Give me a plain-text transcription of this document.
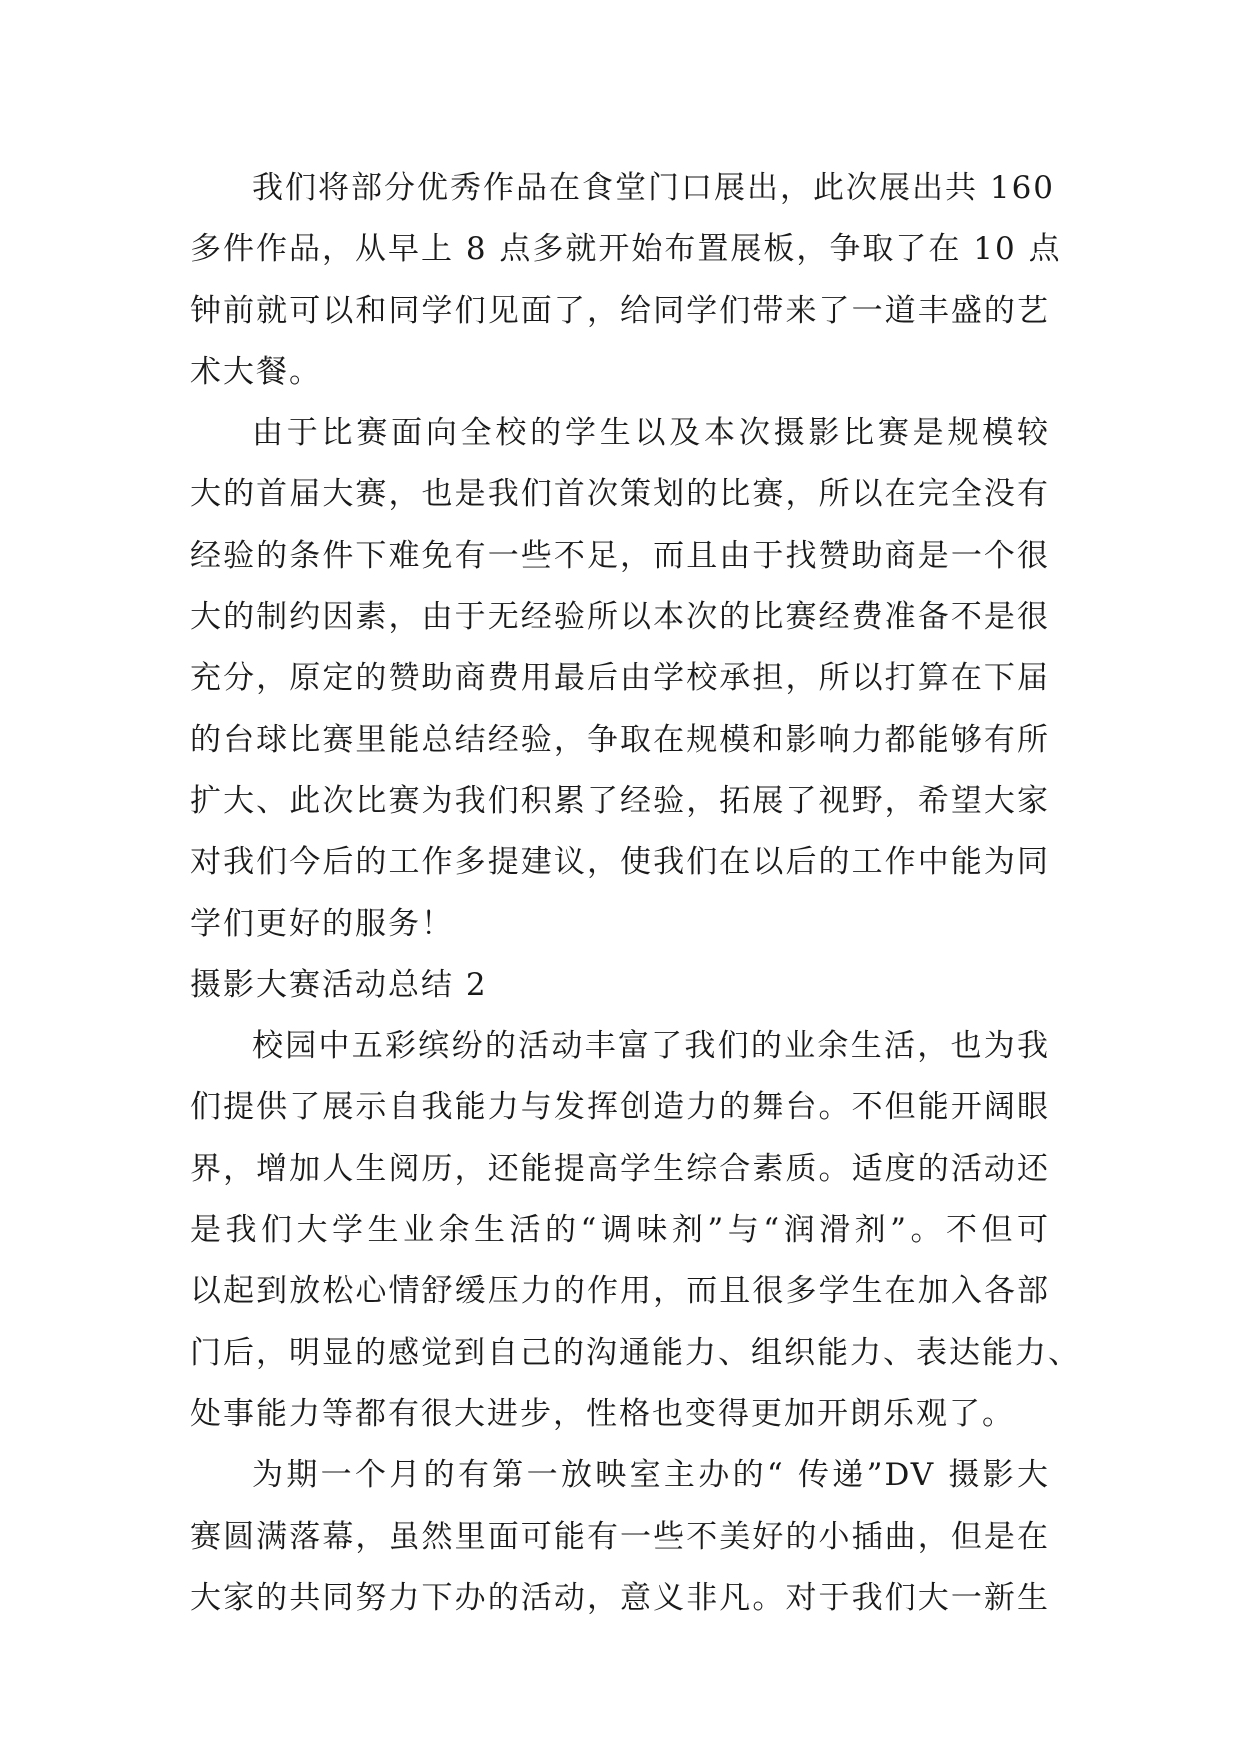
我们将部分优秀作品在食堂门口展出，此次展出共 160
多件作品，从早上 8 点多就开始布置展板，争取了在 10 点
钟前就可以和同学们见面了，给同学们带来了一道丰盛的艺
术大餐。
由于比赛面向全校的学生以及本次摄影比赛是规模较
大的首届大赛，也是我们首次策划的比赛，所以在完全没有
经验的条件下难免有一些不足，而且由于找赞助商是一个很
大的制约因素，由于无经验所以本次的比赛经费准备不是很
充分，原定的赞助商费用最后由学校承担，所以打算在下届
的台球比赛里能总结经验，争取在规模和影响力都能够有所
扩大、此次比赛为我们积累了经验，拓展了视野，希望大家
对我们今后的工作多提建议，使我们在以后的工作中能为同
学们更好的服务！
摄影大赛活动总结 2
校园中五彩缤纷的活动丰富了我们的业余生活，也为我
们提供了展示自我能力与发挥创造力的舞台。不但能开阔眼
界，增加人生阅历，还能提高学生综合素质。适度的活动还
是我们大学生业余生活的“调味剂”与“润滑剂”。不但可
以起到放松心情舒缓压力的作用，而且很多学生在加入各部
门后，明显的感觉到自己的沟通能力、组织能力、表达能力、
处事能力等都有很大进步，性格也变得更加开朗乐观了。
为期一个月的有第一放映室主办的“ 传递”DV 摄影大
赛圆满落幕，虽然里面可能有一些不美好的小插曲，但是在
大家的共同努力下办的活动，意义非凡。对于我们大一新生
